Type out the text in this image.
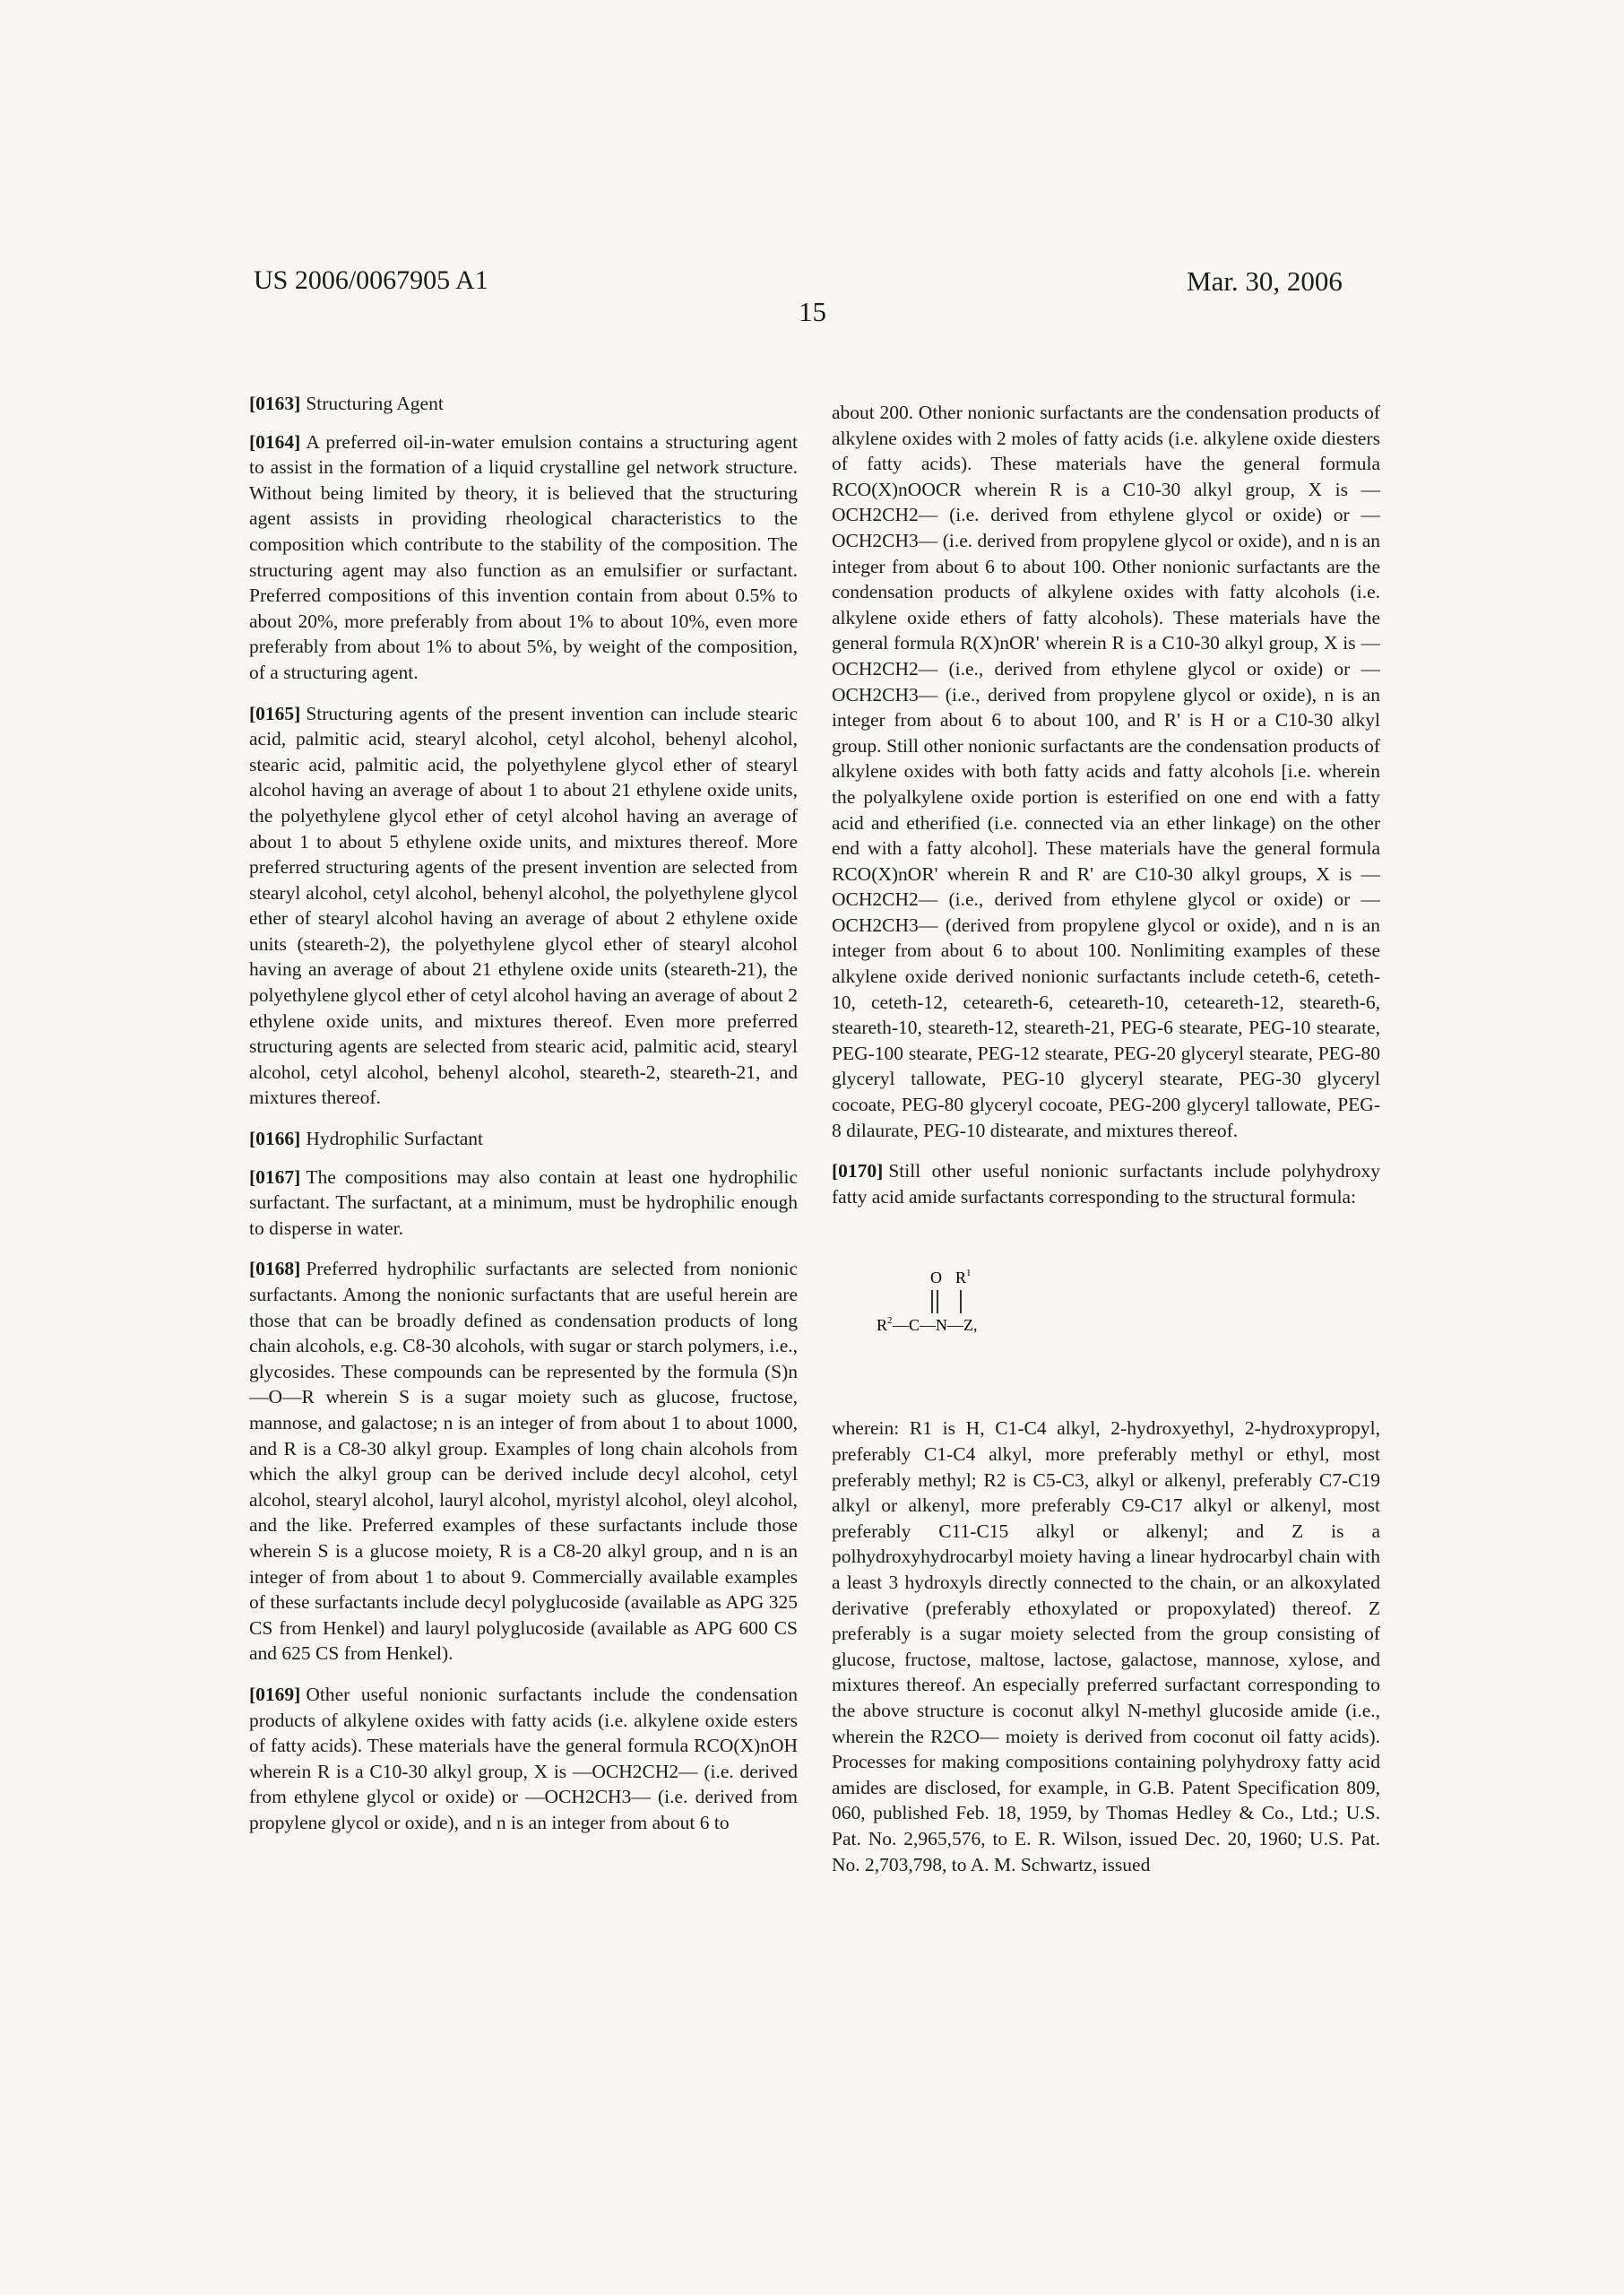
US 2006/0067905 A1	Mar. 30, 2006
15

[0163] Structuring Agent

[0164] A preferred oil-in-water emulsion contains a structuring agent to assist in the formation of a liquid crystalline gel network structure. Without being limited by theory, it is believed that the structuring agent assists in providing rheological characteristics to the composition which contribute to the stability of the composition. The structuring agent may also function as an emulsifier or surfactant. Preferred compositions of this invention contain from about 0.5% to about 20%, more preferably from about 1% to about 10%, even more preferably from about 1% to about 5%, by weight of the composition, of a structuring agent.

[0165] Structuring agents of the present invention can include stearic acid, palmitic acid, stearyl alcohol, cetyl alcohol, behenyl alcohol, stearic acid, palmitic acid, the polyethylene glycol ether of stearyl alcohol having an average of about 1 to about 21 ethylene oxide units, the polyethylene glycol ether of cetyl alcohol having an average of about 1 to about 5 ethylene oxide units, and mixtures thereof. More preferred structuring agents of the present invention are selected from stearyl alcohol, cetyl alcohol, behenyl alcohol, the polyethylene glycol ether of stearyl alcohol having an average of about 2 ethylene oxide units (steareth-2), the polyethylene glycol ether of stearyl alcohol having an average of about 21 ethylene oxide units (steareth-21), the polyethylene glycol ether of cetyl alcohol having an average of about 2 ethylene oxide units, and mixtures thereof. Even more preferred structuring agents are selected from stearic acid, palmitic acid, stearyl alcohol, cetyl alcohol, behenyl alcohol, steareth-2, steareth-21, and mixtures thereof.

[0166] Hydrophilic Surfactant

[0167] The compositions may also contain at least one hydrophilic surfactant. The surfactant, at a minimum, must be hydrophilic enough to disperse in water.

[0168] Preferred hydrophilic surfactants are selected from nonionic surfactants. Among the nonionic surfactants that are useful herein are those that can be broadly defined as condensation products of long chain alcohols, e.g. C8-30 alcohols, with sugar or starch polymers, i.e., glycosides. These compounds can be represented by the formula (S)n—O—R wherein S is a sugar moiety such as glucose, fructose, mannose, and galactose; n is an integer of from about 1 to about 1000, and R is a C8-30 alkyl group. Examples of long chain alcohols from which the alkyl group can be derived include decyl alcohol, cetyl alcohol, stearyl alcohol, lauryl alcohol, myristyl alcohol, oleyl alcohol, and the like. Preferred examples of these surfactants include those wherein S is a glucose moiety, R is a C8-20 alkyl group, and n is an integer of from about 1 to about 9. Commercially available examples of these surfactants include decyl polyglucoside (available as APG 325 CS from Henkel) and lauryl polyglucoside (available as APG 600 CS and 625 CS from Henkel).

[0169] Other useful nonionic surfactants include the condensation products of alkylene oxides with fatty acids (i.e. alkylene oxide esters of fatty acids). These materials have the general formula RCO(X)nOH wherein R is a C10-30 alkyl group, X is —OCH2CH2— (i.e. derived from ethylene glycol or oxide) or —OCH2CH3— (i.e. derived from propylene glycol or oxide), and n is an integer from about 6 to

about 200. Other nonionic surfactants are the condensation products of alkylene oxides with 2 moles of fatty acids (i.e. alkylene oxide diesters of fatty acids). These materials have the general formula RCO(X)nOOCR wherein R is a C10-30 alkyl group, X is —OCH2CH2— (i.e. derived from ethylene glycol or oxide) or —OCH2CH3— (i.e. derived from propylene glycol or oxide), and n is an integer from about 6 to about 100. Other nonionic surfactants are the condensation products of alkylene oxides with fatty alcohols (i.e. alkylene oxide ethers of fatty alcohols). These materials have the general formula R(X)nOR' wherein R is a C10-30 alkyl group, X is —OCH2CH2— (i.e., derived from ethylene glycol or oxide) or —OCH2CH3— (i.e., derived from propylene glycol or oxide), n is an integer from about 6 to about 100, and R' is H or a C10-30 alkyl group. Still other nonionic surfactants are the condensation products of alkylene oxides with both fatty acids and fatty alcohols [i.e. wherein the polyalkylene oxide portion is esterified on one end with a fatty acid and etherified (i.e. connected via an ether linkage) on the other end with a fatty alcohol]. These materials have the general formula RCO(X)nOR' wherein R and R' are C10-30 alkyl groups, X is —OCH2CH2— (i.e., derived from ethylene glycol or oxide) or —OCH2CH3— (derived from propylene glycol or oxide), and n is an integer from about 6 to about 100. Nonlimiting examples of these alkylene oxide derived nonionic surfactants include ceteth-6, ceteth-10, ceteth-12, ceteareth-6, ceteareth-10, ceteareth-12, steareth-6, steareth-10, steareth-12, steareth-21, PEG-6 stearate, PEG-10 stearate, PEG-100 stearate, PEG-12 stearate, PEG-20 glyceryl stearate, PEG-80 glyceryl tallowate, PEG-10 glyceryl stearate, PEG-30 glyceryl cocoate, PEG-80 glyceryl cocoate, PEG-200 glyceryl tallowate, PEG-8 dilaurate, PEG-10 distearate, and mixtures thereof.

[0170] Still other useful nonionic surfactants include polyhydroxy fatty acid amide surfactants corresponding to the structural formula:

O R 1
R 2 —C—N—Z,

wherein: R1 is H, C1-C4 alkyl, 2-hydroxyethyl, 2-hydroxypropyl, preferably C1-C4 alkyl, more preferably methyl or ethyl, most preferably methyl; R2 is C5-C3, alkyl or alkenyl, preferably C7-C19 alkyl or alkenyl, more preferably C9-C17 alkyl or alkenyl, most preferably C11-C15 alkyl or alkenyl; and Z is a polhydroxyhydrocarbyl moiety having a linear hydrocarbyl chain with a least 3 hydroxyls directly connected to the chain, or an alkoxylated derivative (preferably ethoxylated or propoxylated) thereof. Z preferably is a sugar moiety selected from the group consisting of glucose, fructose, maltose, lactose, galactose, mannose, xylose, and mixtures thereof. An especially preferred surfactant corresponding to the above structure is coconut alkyl N-methyl glucoside amide (i.e., wherein the R2CO— moiety is derived from coconut oil fatty acids). Processes for making compositions containing polyhydroxy fatty acid amides are disclosed, for example, in G.B. Patent Specification 809, 060, published Feb. 18, 1959, by Thomas Hedley & Co., Ltd.; U.S. Pat. No. 2,965,576, to E. R. Wilson, issued Dec. 20, 1960; U.S. Pat. No. 2,703,798, to A. M. Schwartz, issued
